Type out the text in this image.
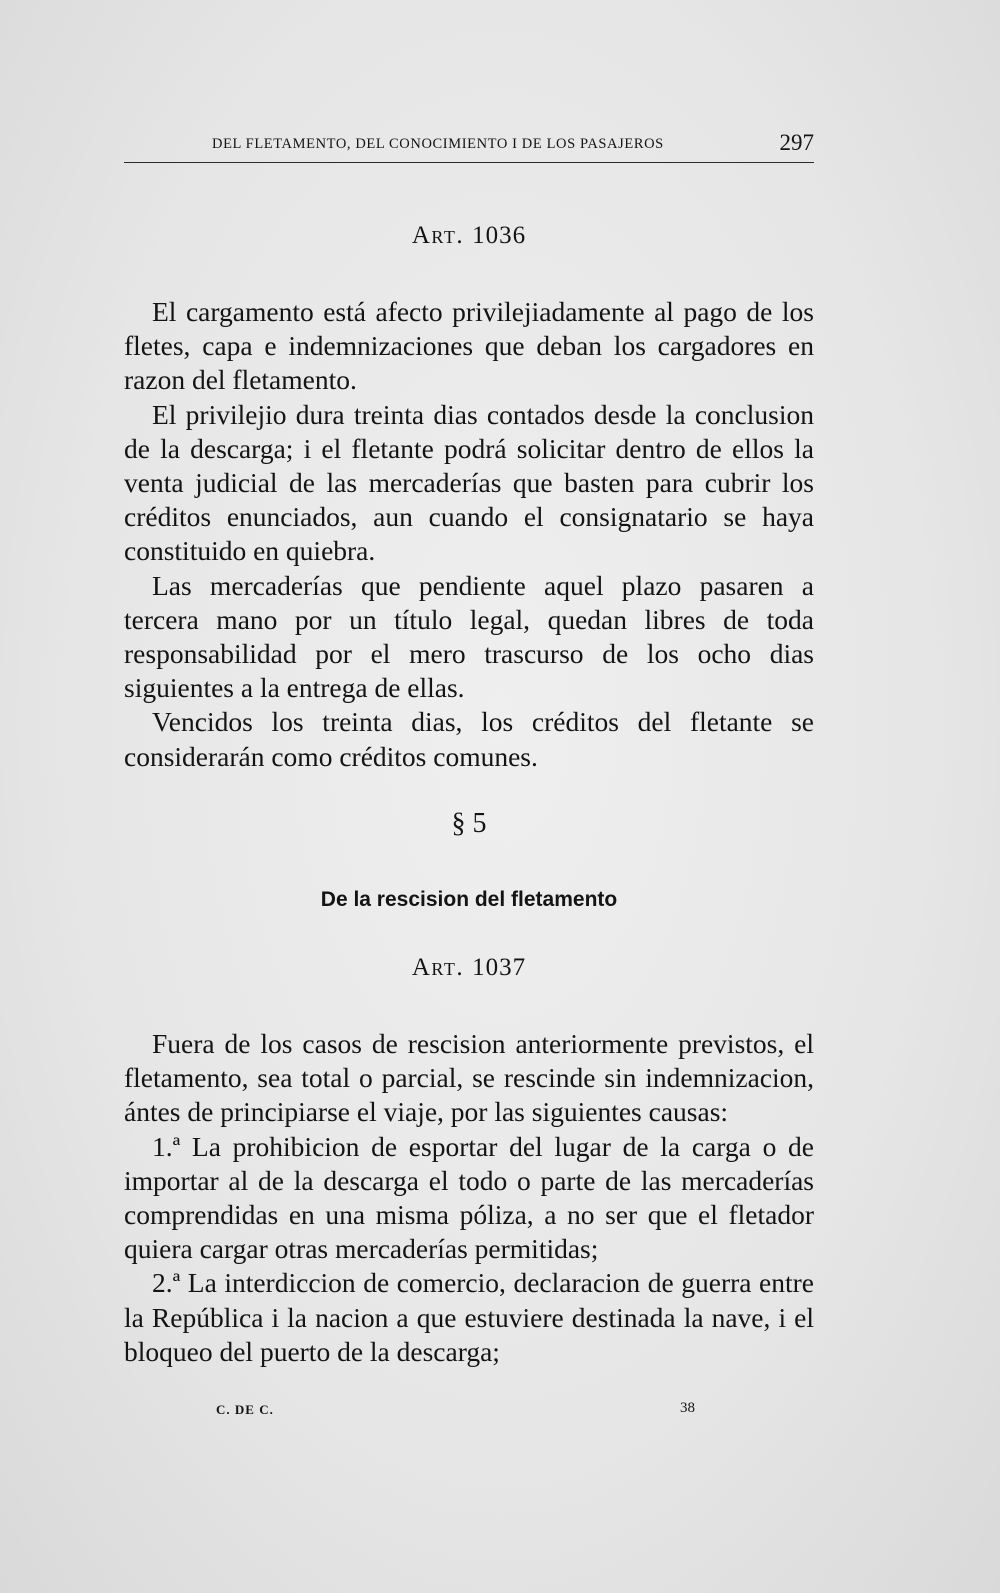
DEL FLETAMENTO, DEL CONOCIMIENTO I DE LOS PASAJEROS	297
Art. 1036

El cargamento está afecto privilejiadamente al pago de los fletes, capa e indemnizaciones que deban los cargadores en razon del fletamento.

El privilejio dura treinta dias contados desde la conclusion de la descarga; i el fletante podrá solicitar dentro de ellos la venta judicial de las mercaderías que basten para cubrir los créditos enunciados, aun cuando el consignatario se haya constituido en quiebra.

Las mercaderías que pendiente aquel plazo pasaren a tercera mano por un título legal, quedan libres de toda responsabilidad por el mero trascurso de los ocho dias siguientes a la entrega de ellas.

Vencidos los treinta dias, los créditos del fletante se considerarán como créditos comunes.

§ 5
De la rescision del fletamento
Art. 1037

Fuera de los casos de rescision anteriormente previstos, el fletamento, sea total o parcial, se rescinde sin indemnizacion, ántes de principiarse el viaje, por las siguientes causas:

1.ª La prohibicion de esportar del lugar de la carga o de importar al de la descarga el todo o parte de las mercaderías comprendidas en una misma póliza, a no ser que el fletador quiera cargar otras mercaderías permitidas;

2.ª La interdiccion de comercio, declaracion de guerra entre la República i la nacion a que estuviere destinada la nave, i el bloqueo del puerto de la descarga;

C. DE C.	38
